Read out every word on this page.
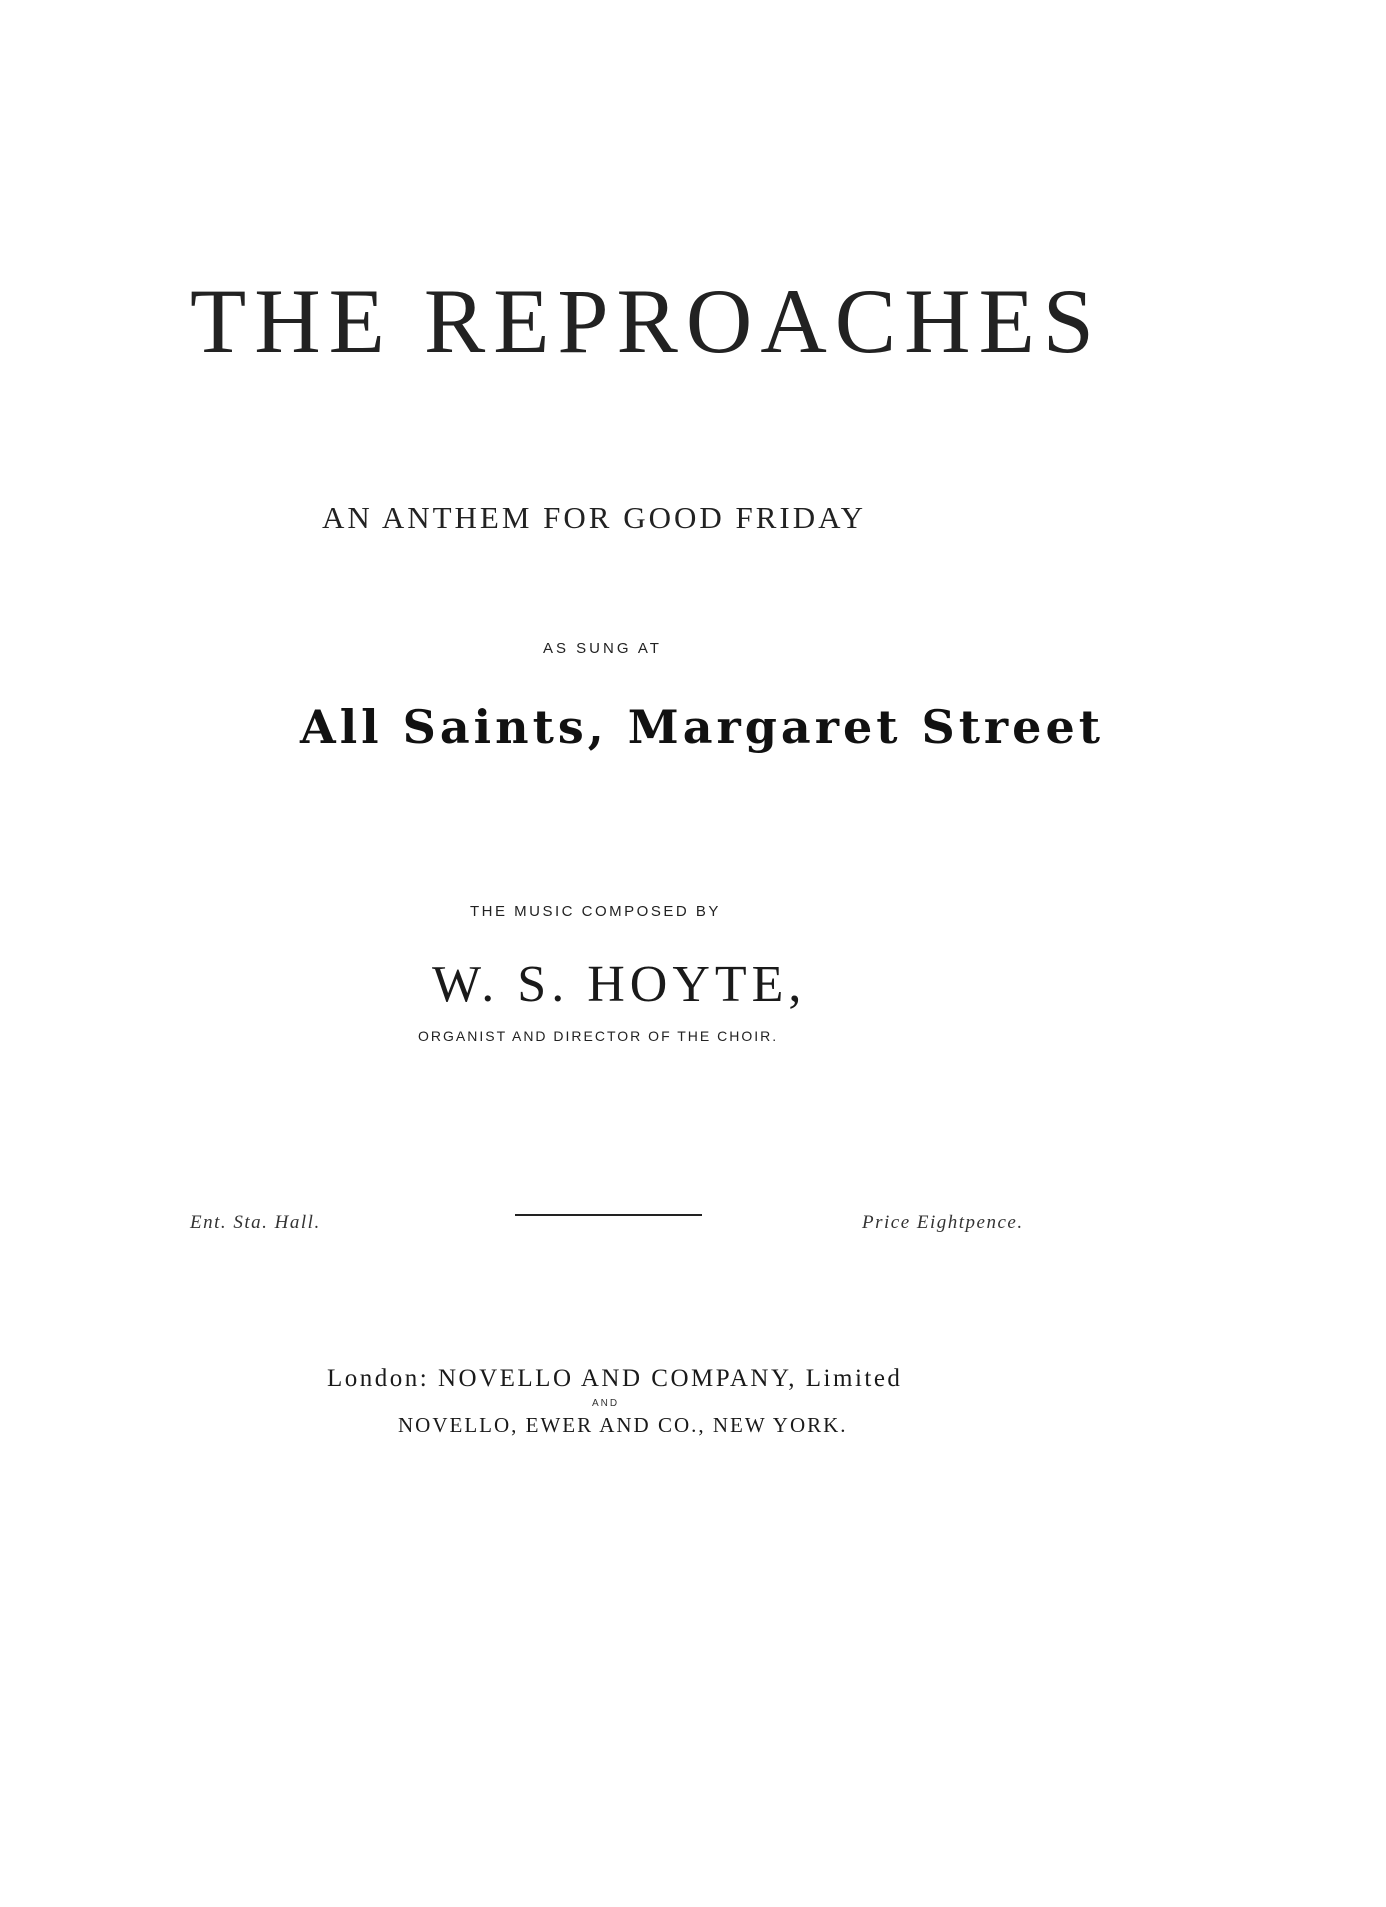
THE REPROACHES
AN ANTHEM FOR GOOD FRIDAY
AS SUNG AT
All Saints, Margaret Street
THE MUSIC COMPOSED BY
W. S. HOYTE,
ORGANIST AND DIRECTOR OF THE CHOIR.
Ent. Sta. Hall.	Price Eightpence.
London: NOVELLO AND COMPANY, Limited
AND
NOVELLO, EWER AND CO., NEW YORK.
